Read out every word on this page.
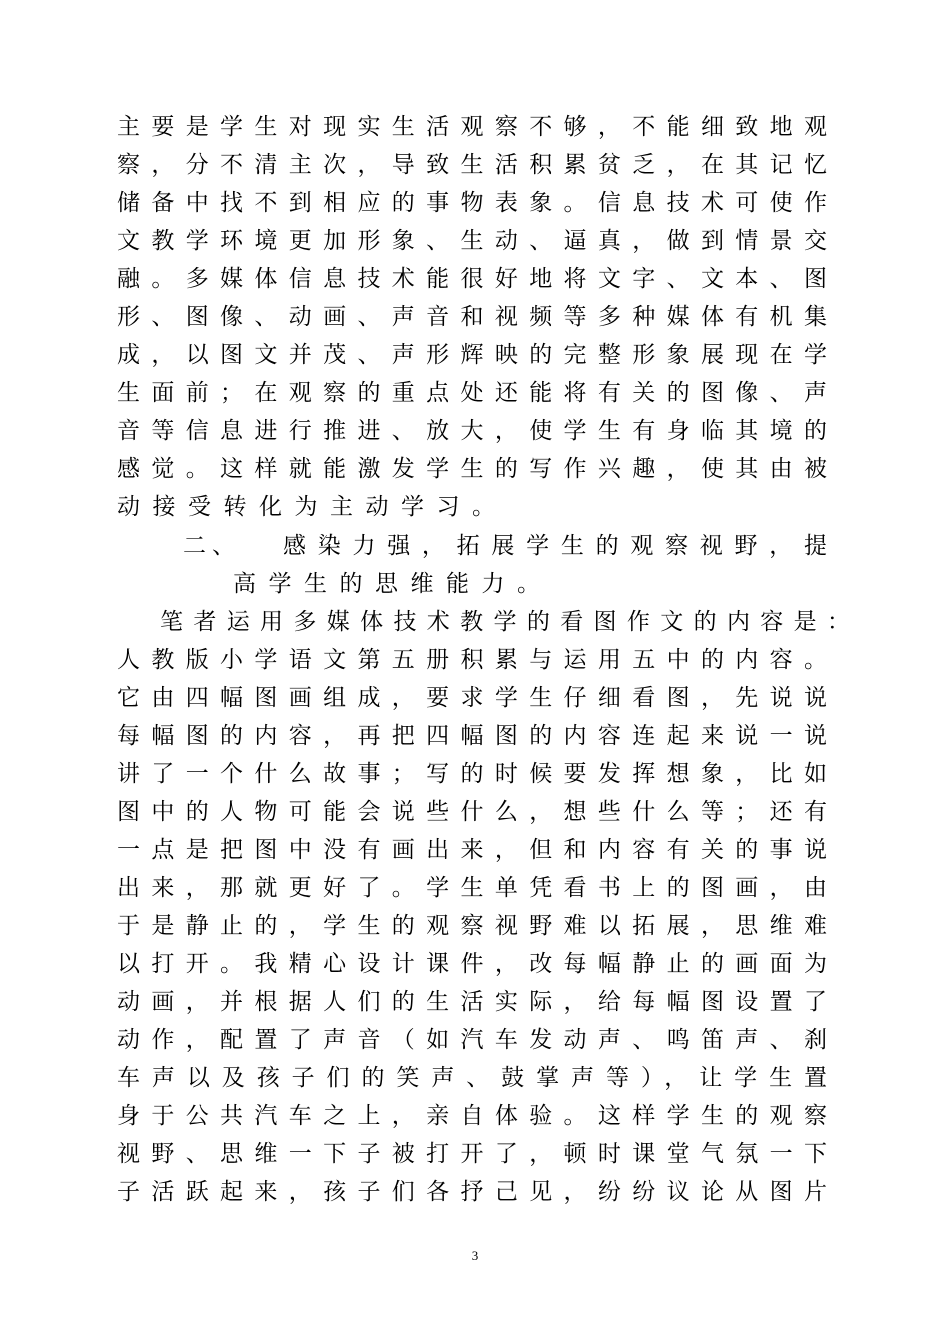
主要是学生对现实生活观察不够，不能细致地观
察，分不清主次，导致生活积累贫乏，在其记忆
储备中找不到相应的事物表象。信息技术可使作
文教学环境更加形象、生动、逼真，做到情景交
融。多媒体信息技术能很好地将文字、文本、图
形、图像、动画、声音和视频等多种媒体有机集
成，以图文并茂、声形辉映的完整形象展现在学
生面前；在观察的重点处还能将有关的图像、声
音等信息进行推进、放大，使学生有身临其境的
感觉。这样就能激发学生的写作兴趣，使其由被
动接受转化为主动学习。
二、 感染力强，拓展学生的观察视野，提
高学生的思维能力。
笔者运用多媒体技术教学的看图作文的内容是：
人教版小学语文第五册积累与运用五中的内容。
它由四幅图画组成，要求学生仔细看图，先说说
每幅图的内容，再把四幅图的内容连起来说一说
讲了一个什么故事；写的时候要发挥想象，比如
图中的人物可能会说些什么，想些什么等；还有
一点是把图中没有画出来，但和内容有关的事说
出来，那就更好了。学生单凭看书上的图画，由
于是静止的，学生的观察视野难以拓展，思维难
以打开。我精心设计课件，改每幅静止的画面为
动画，并根据人们的生活实际，给每幅图设置了
动作，配置了声音（如汽车发动声、鸣笛声、刹
车声以及孩子们的笑声、鼓掌声等），让学生置
身于公共汽车之上，亲自体验。这样学生的观察
视野、思维一下子被打开了，顿时课堂气氛一下
子活跃起来，孩子们各抒己见，纷纷议论从图片
3
